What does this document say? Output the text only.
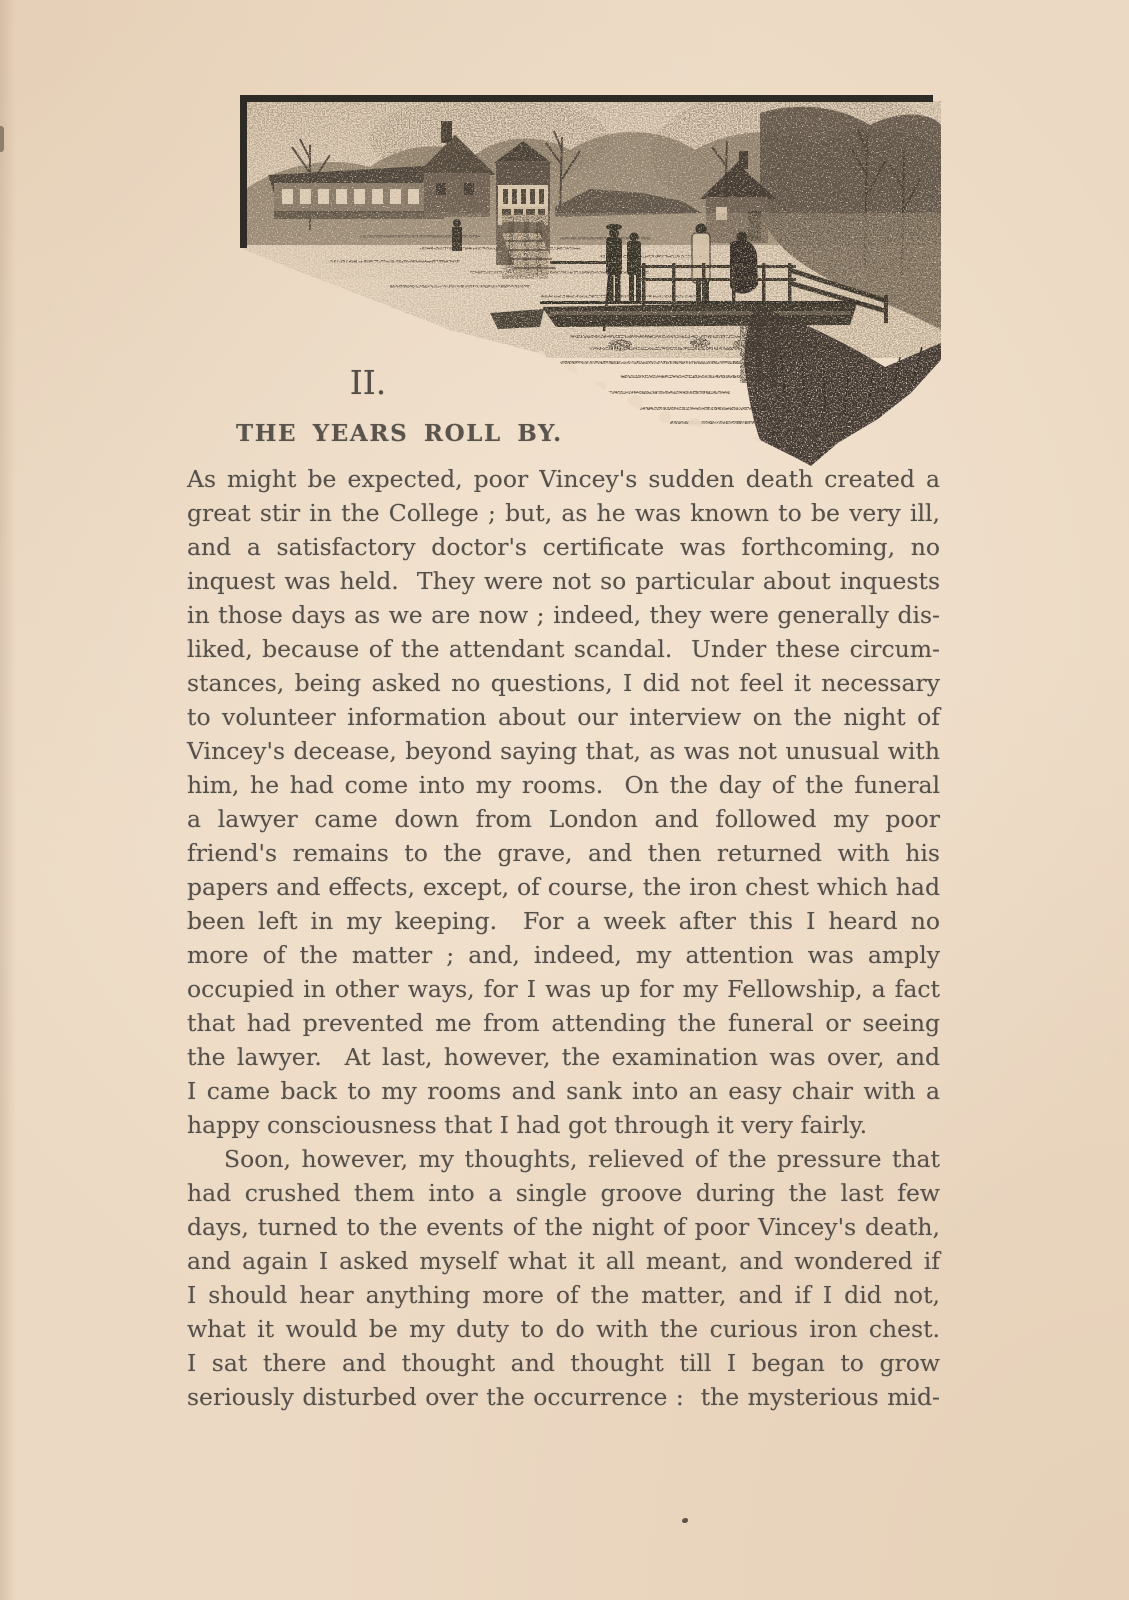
II.
THE YEARS ROLL BY.
As might be expected, poor Vincey's sudden death created a
great stir in the College ; but, as he was known to be very ill,
and a satisfactory doctor's certificate was forthcoming, no
inquest was held.  They were not so particular about inquests
in those days as we are now ; indeed, they were generally dis-
liked, because of the attendant scandal.  Under these circum-
stances, being asked no questions, I did not feel it necessary
to volunteer information about our interview on the night of
Vincey's decease, beyond saying that, as was not unusual with
him, he had come into my rooms.  On the day of the funeral
a lawyer came down from London and followed my poor
friend's remains to the grave, and then returned with his
papers and effects, except, of course, the iron chest which had
been left in my keeping.  For a week after this I heard no
more of the matter ; and, indeed, my attention was amply
occupied in other ways, for I was up for my Fellowship, a fact
that had prevented me from attending the funeral or seeing
the lawyer.  At last, however, the examination was over, and
I came back to my rooms and sank into an easy chair with a
happy consciousness that I had got through it very fairly.
Soon, however, my thoughts, relieved of the pressure that
had crushed them into a single groove during the last few
days, turned to the events of the night of poor Vincey's death,
and again I asked myself what it all meant, and wondered if
I should hear anything more of the matter, and if I did not,
what it would be my duty to do with the curious iron chest.
I sat there and thought and thought till I began to grow
seriously disturbed over the occurrence :  the mysterious mid-
